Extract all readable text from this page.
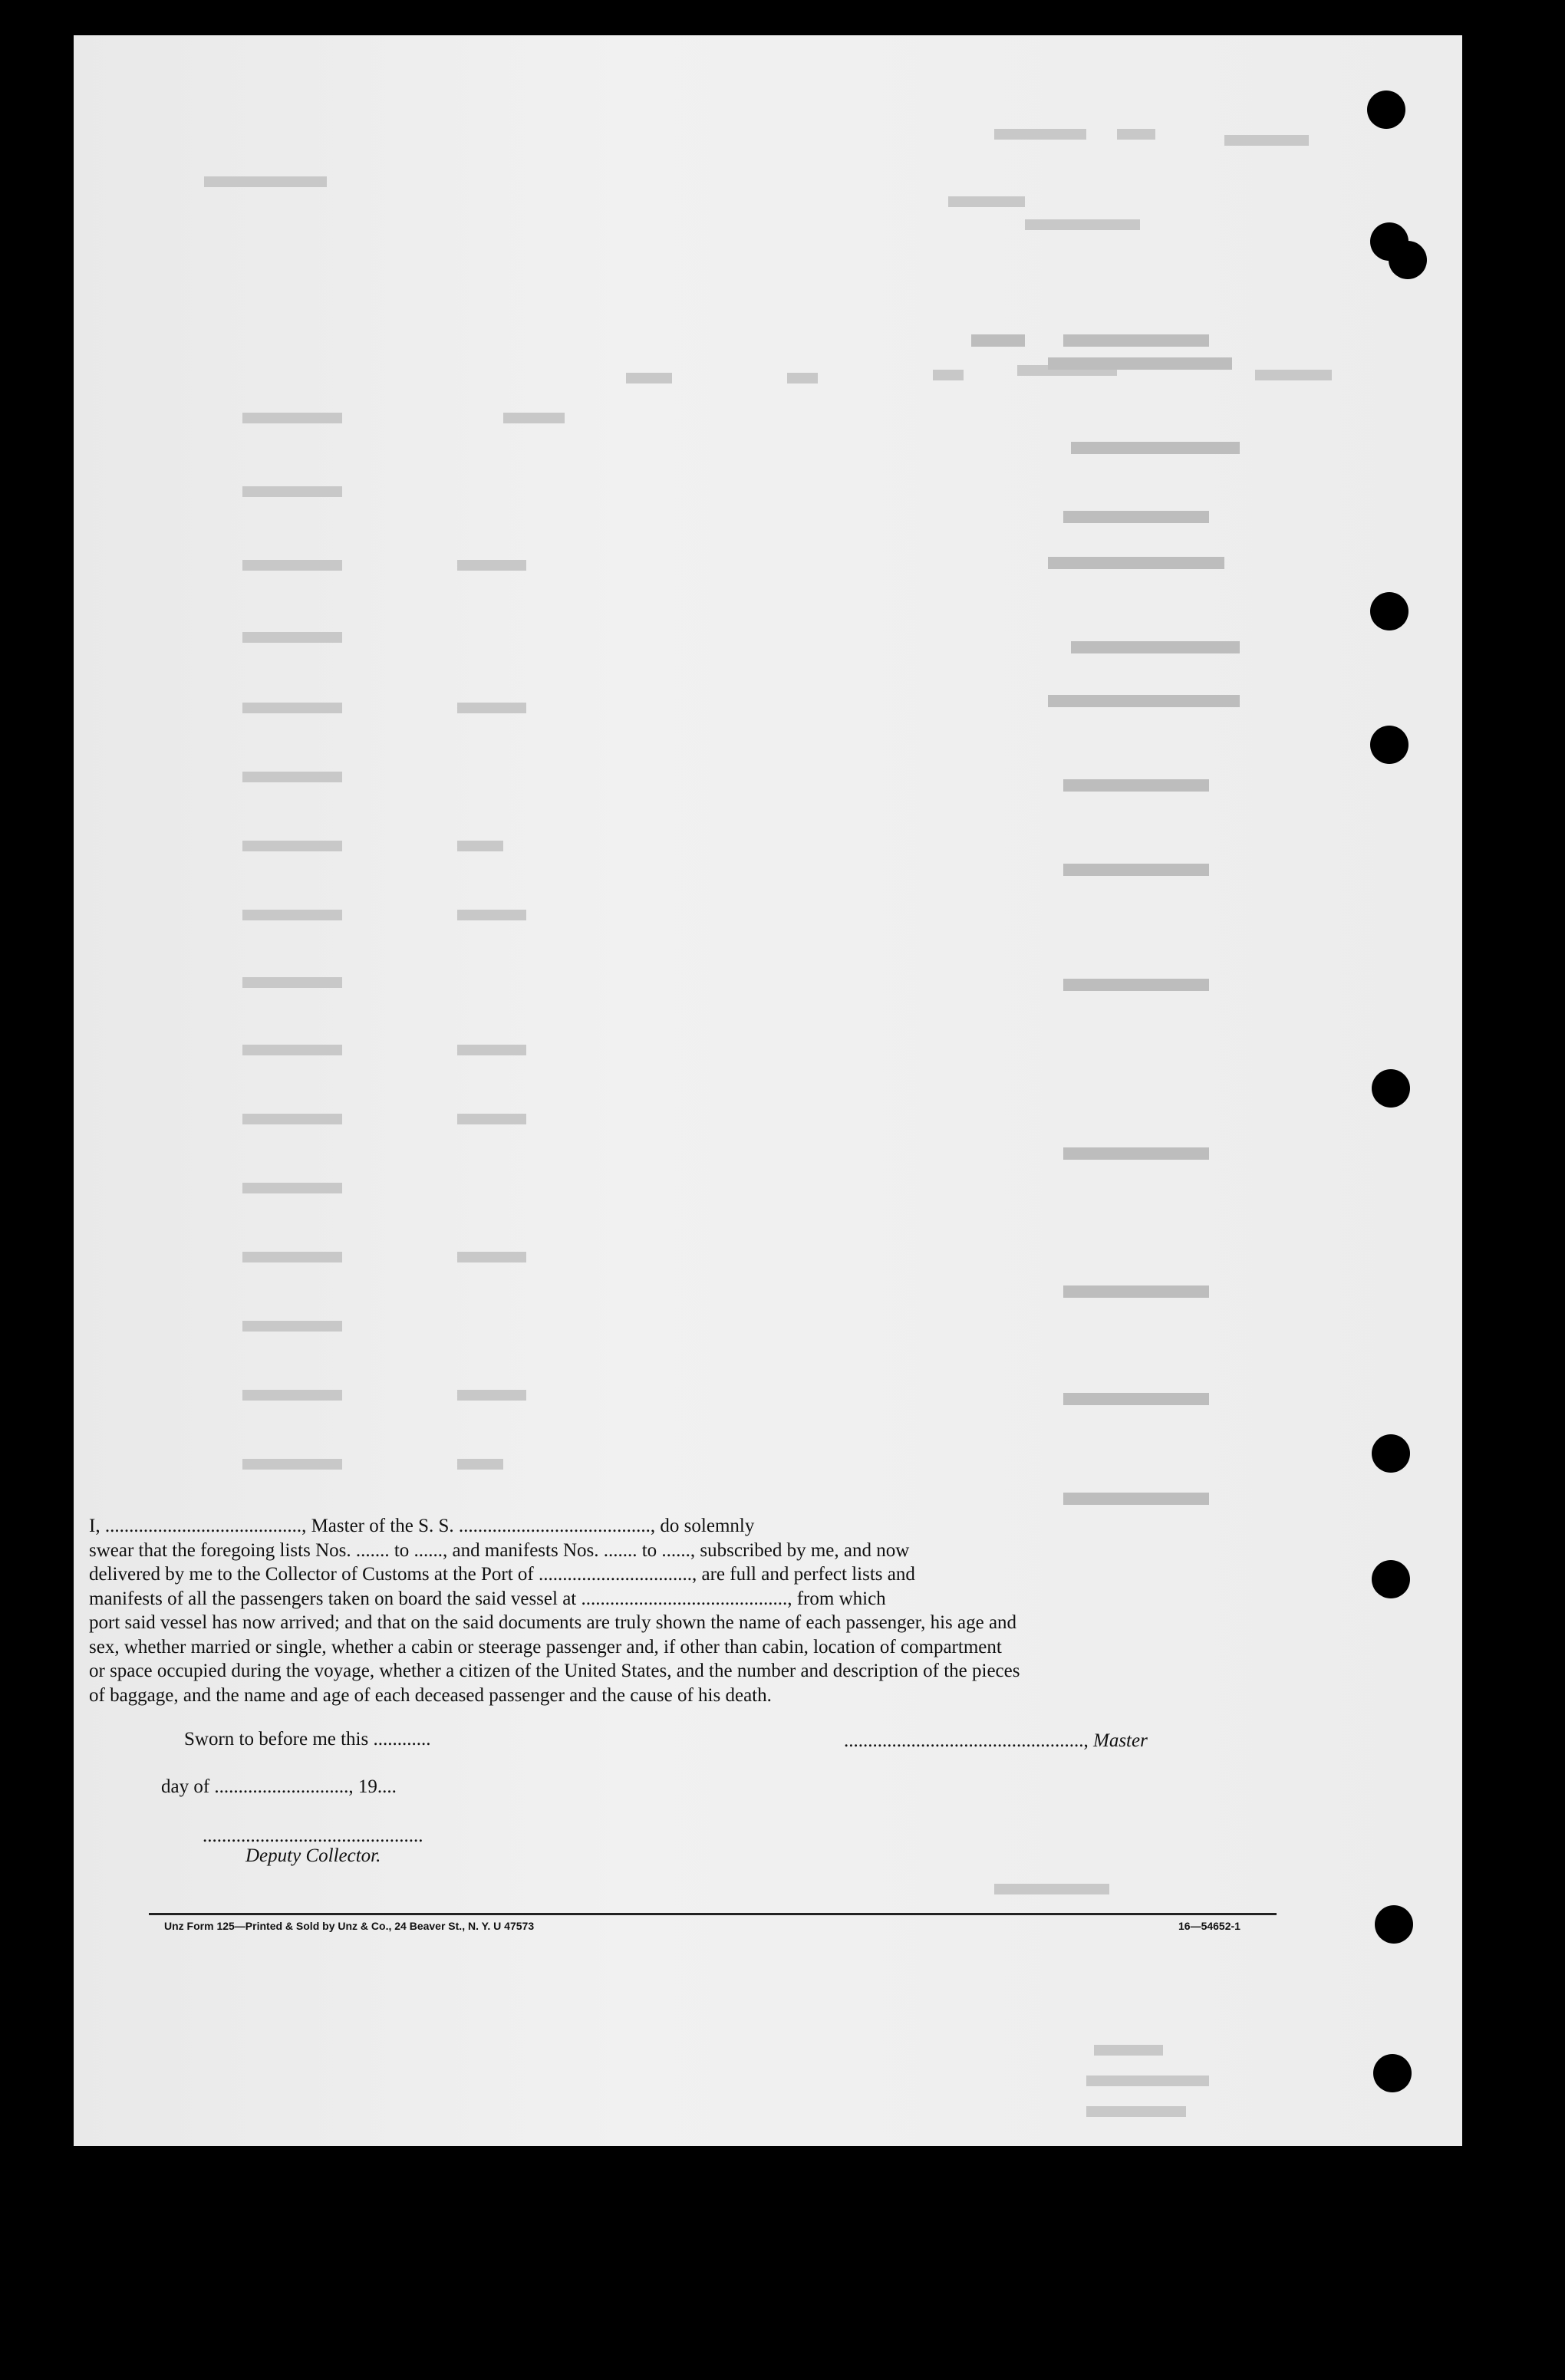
I, ........................................., Master of the S. S. ........................................, do solemnly

swear that the foregoing lists Nos. ....... to ......, and manifests Nos. ....... to ......, subscribed by me, and now

delivered by me to the Collector of Customs at the Port of ................................, are full and perfect lists and

manifests of all the passengers taken on board the said vessel at ..........................................., from which

port said vessel has now arrived; and that on the said documents are truly shown the name of each passenger, his age and

sex, whether married or single, whether a cabin or steerage passenger and, if other than cabin, location of compartment

or space occupied during the voyage, whether a citizen of the United States, and the number and description of the pieces

of baggage, and the name and age of each deceased passenger and the cause of his death.

Sworn to before me this ............
day of ............................, 19....
..............................................
Deputy Collector.
.................................................., Master
Unz Form 125—Printed & Sold by Unz & Co., 24 Beaver St., N. Y. U 47573	16—54652-1
